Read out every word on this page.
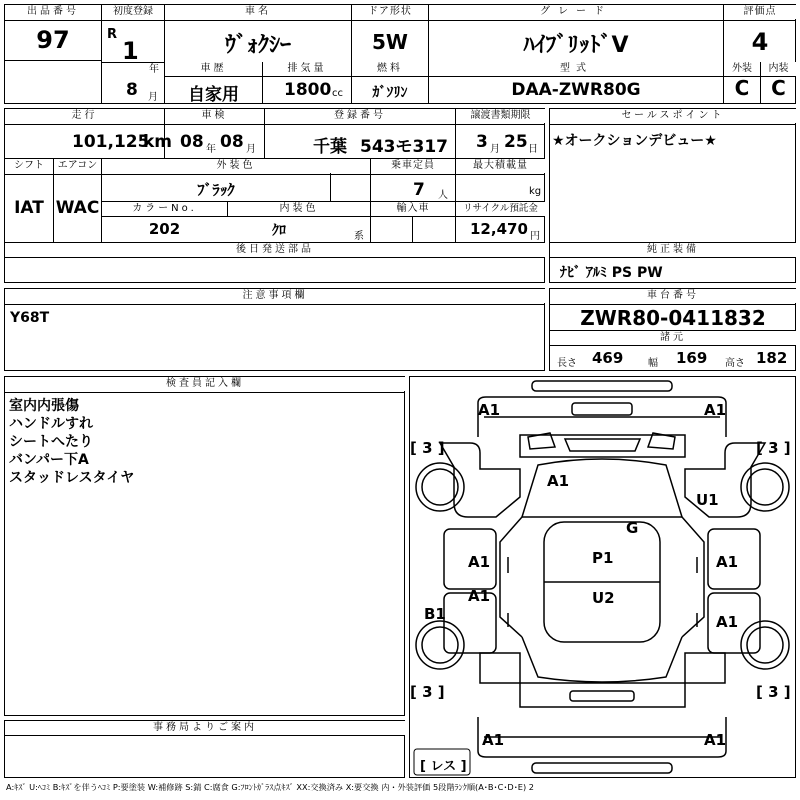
出品番号
97
初度登録
R
1
年
8 月
車名
ｳﾞｫｸｼｰ
ドア形状
5W
グレード
ﾊｲﾌﾞﾘｯﾄﾞV
評価点
4
車歴
自家用
排気量
1800 cc
燃料
ｶﾞｿﾘﾝ
型式
DAA-ZWR80G
外装
C
内装
C
走行
101,125
km
車検
08 年 08 月
登録番号
千葉 543モ317
譲渡書類期限
3 月 25 日
シフト
IAT
エアコン
WAC
外装色
ﾌﾞﾗｯｸ
乗車定員
7 人
最大積載量
kg
カラーNo.
202
内装色
ｸﾛ	系
輸入車	リサイクル預託金
12,470 円
後日発送部品
セールスポイント
★オークションデビュー★
純正装備
ﾅﾋﾞ ｱﾙﾐ PS PW
注意事項欄
Y68T
車台番号
ZWR80-0411832
諸元
長さ 469 幅 169 高さ 182
検査員記入欄
室内内張傷
ハンドルすれ
シートへたり
バンパー下A
スタッドレスタイヤ
事務局よりご案内
A1	A1
A1
U1
G
P1
U2
A1
A1
A1
A1
B1
A1	A1
[ 3 ]	[ 3 ]
[ 3 ]	[ 3 ]
[ レス ]
A:ｷｽﾞ U:ﾍｺﾐ B:ｷｽﾞを伴うﾍｺﾐ P:要塗装 W:補修跡 S:錆 C:腐食 G:ﾌﾛﾝﾄｶﾞﾗｽ点ｷｽﾞ XX:交換済み X:要交換 内・外装評価 5段階ﾗﾝｸ順(A･B･C･D･E) 2
